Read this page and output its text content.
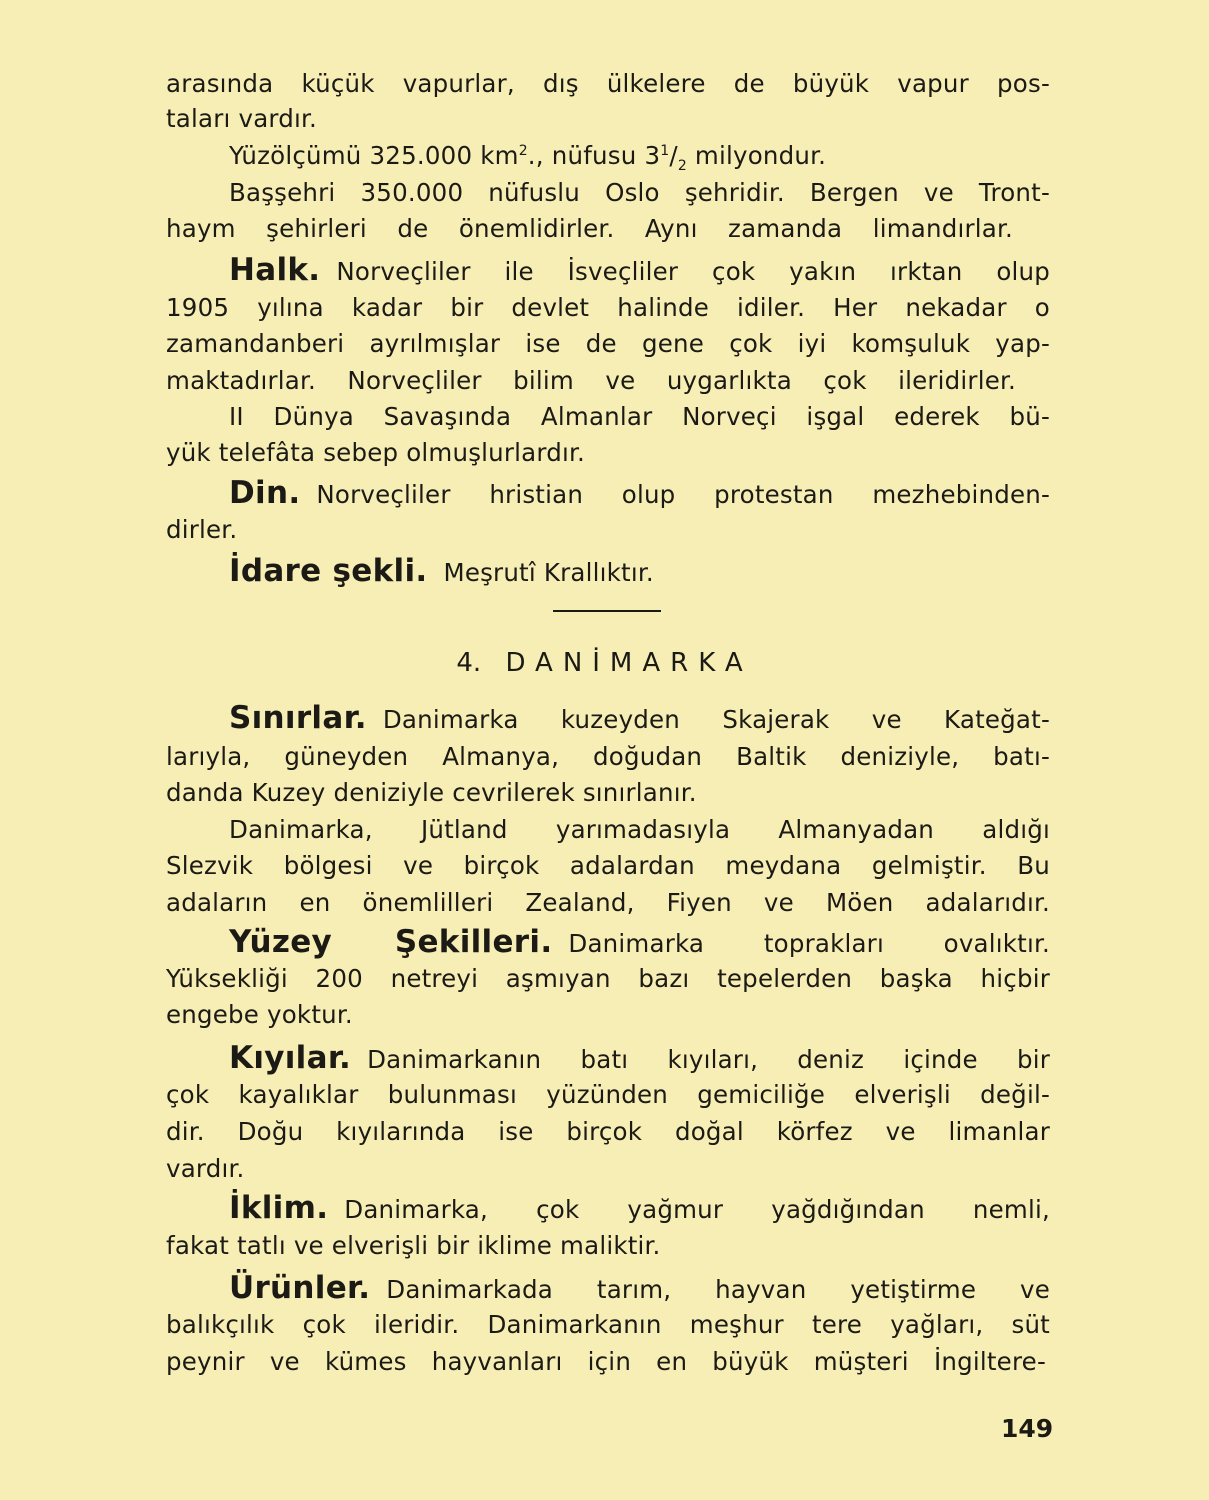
arasında küçük vapurlar, dış ülkelere de büyük vapur pos-
taları vardır.
Yüzölçümü 325.000 $km^2$., nüfusu $3^1/_2$ milyondur.
Başşehri 350.000 nüfuslu Oslo şehridir. Bergen ve Tront-
haym şehirleri de önemlidirler. Aynı zamanda limandırlar.
Halk. Norveçliler ile İsveçliler çok yakın ırktan olup
1905 yılına kadar bir devlet halinde idiler. Her nekadar o
zamandanberi ayrılmışlar ise de gene çok iyi komşuluk yap-
maktadırlar. Norveçliler bilim ve uygarlıkta çok ileridirler.
II Dünya Savaşında Almanlar Norveçi işgal ederek bü-
yük telefâta sebep olmuşlurlardır.
Din. Norveçliler hristian olup protestan mezhebinden-
dirler.
İdare şekli. Meşrutî Krallıktır.
4. DANİMARKA
Sınırlar. Danimarka kuzeyden Skajerak ve Kateğat-
larıyla, güneyden Almanya, doğudan Baltik deniziyle, batı-
danda Kuzey deniziyle cevrilerek sınırlanır.
Danimarka, Jütland yarımadasıyla Almanyadan aldığı
Slezvik bölgesi ve birçok adalardan meydana gelmiştir. Bu
adaların en önemlilleri Zealand, Fiyen ve Möen adalarıdır.
Yüzey Şekilleri. Danimarka toprakları ovalıktır.
Yüksekliği 200 netreyi aşmıyan bazı tepelerden başka hiçbir
engebe yoktur.
Kıyılar. Danimarkanın batı kıyıları, deniz içinde bir
çok kayalıklar bulunması yüzünden gemiciliğe elverişli değil-
dir. Doğu kıyılarında ise birçok doğal körfez ve limanlar
vardır.
İklim. Danimarka, çok yağmur yağdığından nemli,
fakat tatlı ve elverişli bir iklime maliktir.
Ürünler. Danimarkada tarım, hayvan yetiştirme ve
balıkçılık çok ileridir. Danimarkanın meşhur tere yağları, süt
peynir ve kümes hayvanları için en büyük müşteri İngiltere-
149
